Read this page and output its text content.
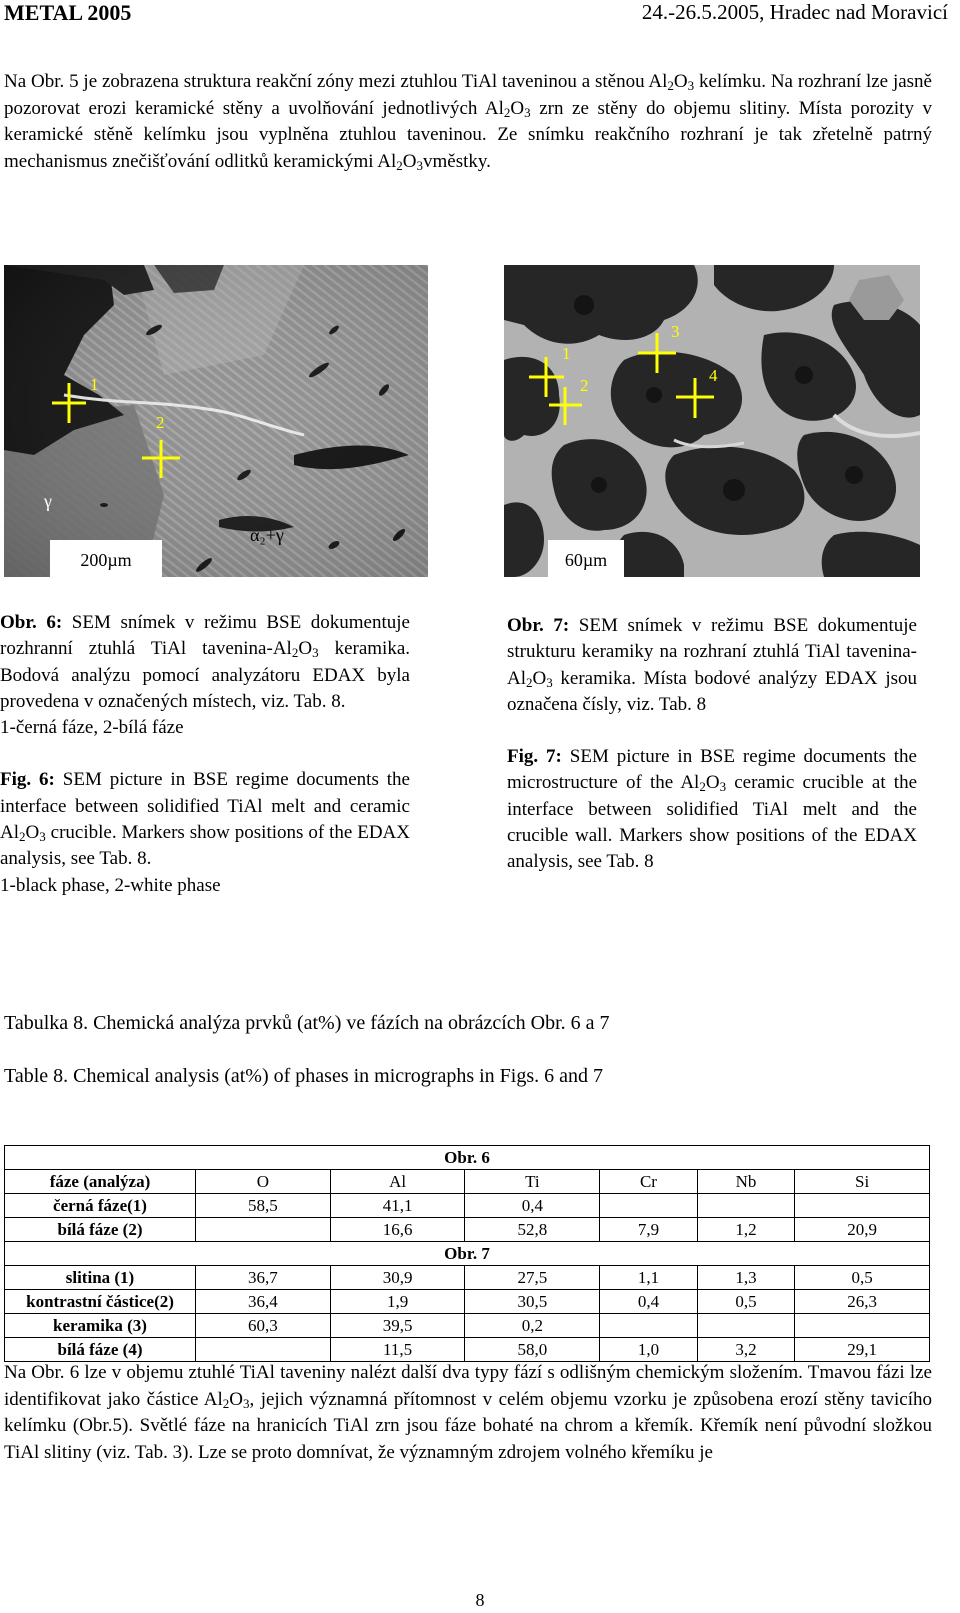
METAL 2005	24.-26.5.2005, Hradec nad Moravicí
Na Obr. 5 je zobrazena struktura reakční zóny mezi ztuhlou TiAl taveninou a stěnou $Al_2O_3$ kelímku. Na rozhraní lze jasně pozorovat erozi keramické stěny a uvolňování jednotlivých $Al_2O_3$ zrn ze stěny do objemu slitiny. Místa porozity v keramické stěně kelímku jsou vyplněna ztuhlou taveninou. Ze snímku reakčního rozhraní je tak zřetelně patrný mechanismus znečišťování odlitků keramickými $Al_2O_3vměstky$.
1
2
γ
α₂+γ
200µm
1
2
3
4
60µm
Obr. 6: SEM snímek v režimu BSE dokumentuje rozhranní ztuhlá TiAl tavenina-$Al_2O_3$ keramika. Bodová analýzu pomocí analyzátoru EDAX byla provedena v označených místech, viz. Tab. 8.
1-černá fáze, 2-bílá fáze
Fig. 6: SEM picture in BSE regime documents the interface between solidified TiAl melt and ceramic $Al_2O_3$ crucible. Markers show positions of the EDAX analysis, see Tab. 8.
1-black phase, 2-white phase
Obr. 7: SEM snímek v režimu BSE dokumentuje strukturu keramiky na rozhraní ztuhlá TiAl tavenina- $Al_2O_3$ keramika. Místa bodové analýzy EDAX jsou označena čísly, viz. Tab. 8
Fig. 7: SEM picture in BSE regime documents the microstructure of the $Al_2O_3$ ceramic crucible at the interface between solidified TiAl melt and the crucible wall. Markers show positions of the EDAX analysis, see Tab. 8
Tabulka 8. Chemická analýza prvků (at%) ve fázích na obrázcích Obr. 6 a 7
Table 8. Chemical analysis (at%) of phases in micrographs in Figs. 6 and 7
Obr. 6						
fáze (analýza)	O	Al	Ti	Cr	Nb	Si
černá fáze(1)	58,5	41,1	0,4			
bílá fáze (2)		16,6	52,8	7,9	1,2	20,9
Obr. 7						
slitina (1)	36,7	30,9	27,5	1,1	1,3	0,5
kontrastní částice(2)	36,4	1,9	30,5	0,4	0,5	26,3
keramika (3)	60,3	39,5	0,2			
bílá fáze (4)		11,5	58,0	1,0	3,2	29,1
Na Obr. 6 lze v objemu ztuhlé TiAl taveniny nalézt další dva typy fází s odlišným chemickým složením. Tmavou fázi lze identifikovat jako částice $Al_2O_3$, jejich významná přítomnost v celém objemu vzorku je způsobena erozí stěny tavicího kelímku (Obr.5). Světlé fáze na hranicích TiAl zrn jsou fáze bohaté na chrom a křemík. Křemík není původní složkou TiAl slitiny (viz. Tab. 3). Lze se proto domnívat, že významným zdrojem volného křemíku je
8
